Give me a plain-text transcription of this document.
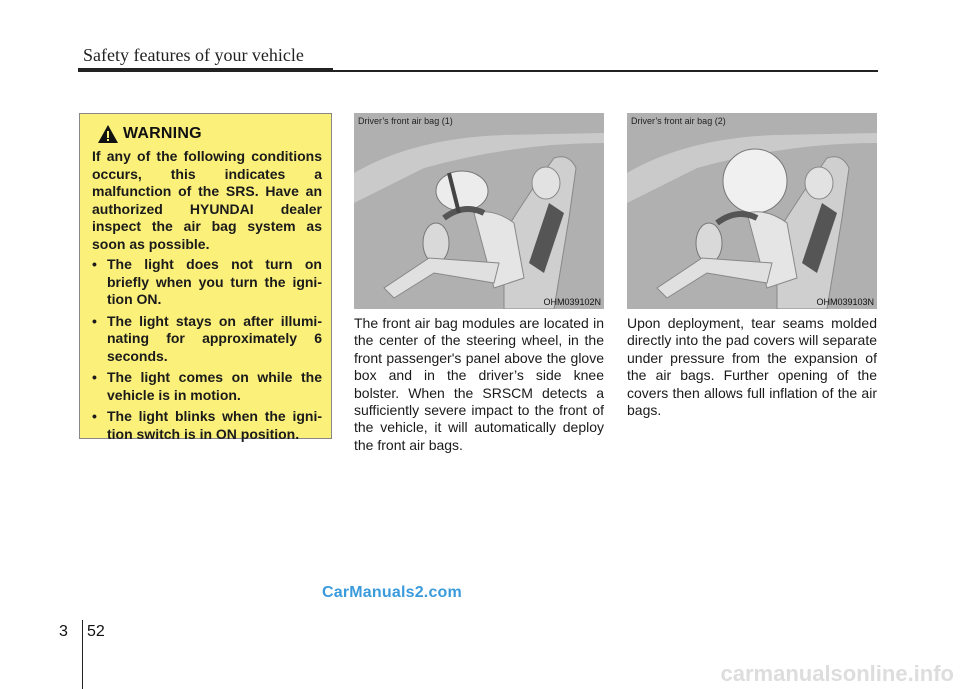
Safety features of your vehicle
WARNING
If any of the following conditions occurs, this indicates a malfunction of the SRS. Have an authorized HYUNDAI dealer inspect the air bag system as soon as possible.
• The light does not turn on briefly when you turn the ignition ON.
• The light stays on after illuminating for approximately 6 seconds.
• The light comes on while the vehicle is in motion.
• The light blinks when the ignition switch is in ON position.
Driver’s front air bag (1)
OHM039102N
Driver’s front air bag (2)
OHM039103N
The front air bag modules are located in the center of the steering wheel, in the front passenger's panel above the glove box and in the driver’s side knee bolster. When the SRSCM detects a sufficiently severe impact to the front of the vehicle, it will automatically deploy the front air bags.
Upon deployment, tear seams molded directly into the pad covers will separate under pressure from the expansion of the air bags. Further opening of the covers then allows full inflation of the air bags.
CarManuals2.com
3 52
carmanualsonline.info
